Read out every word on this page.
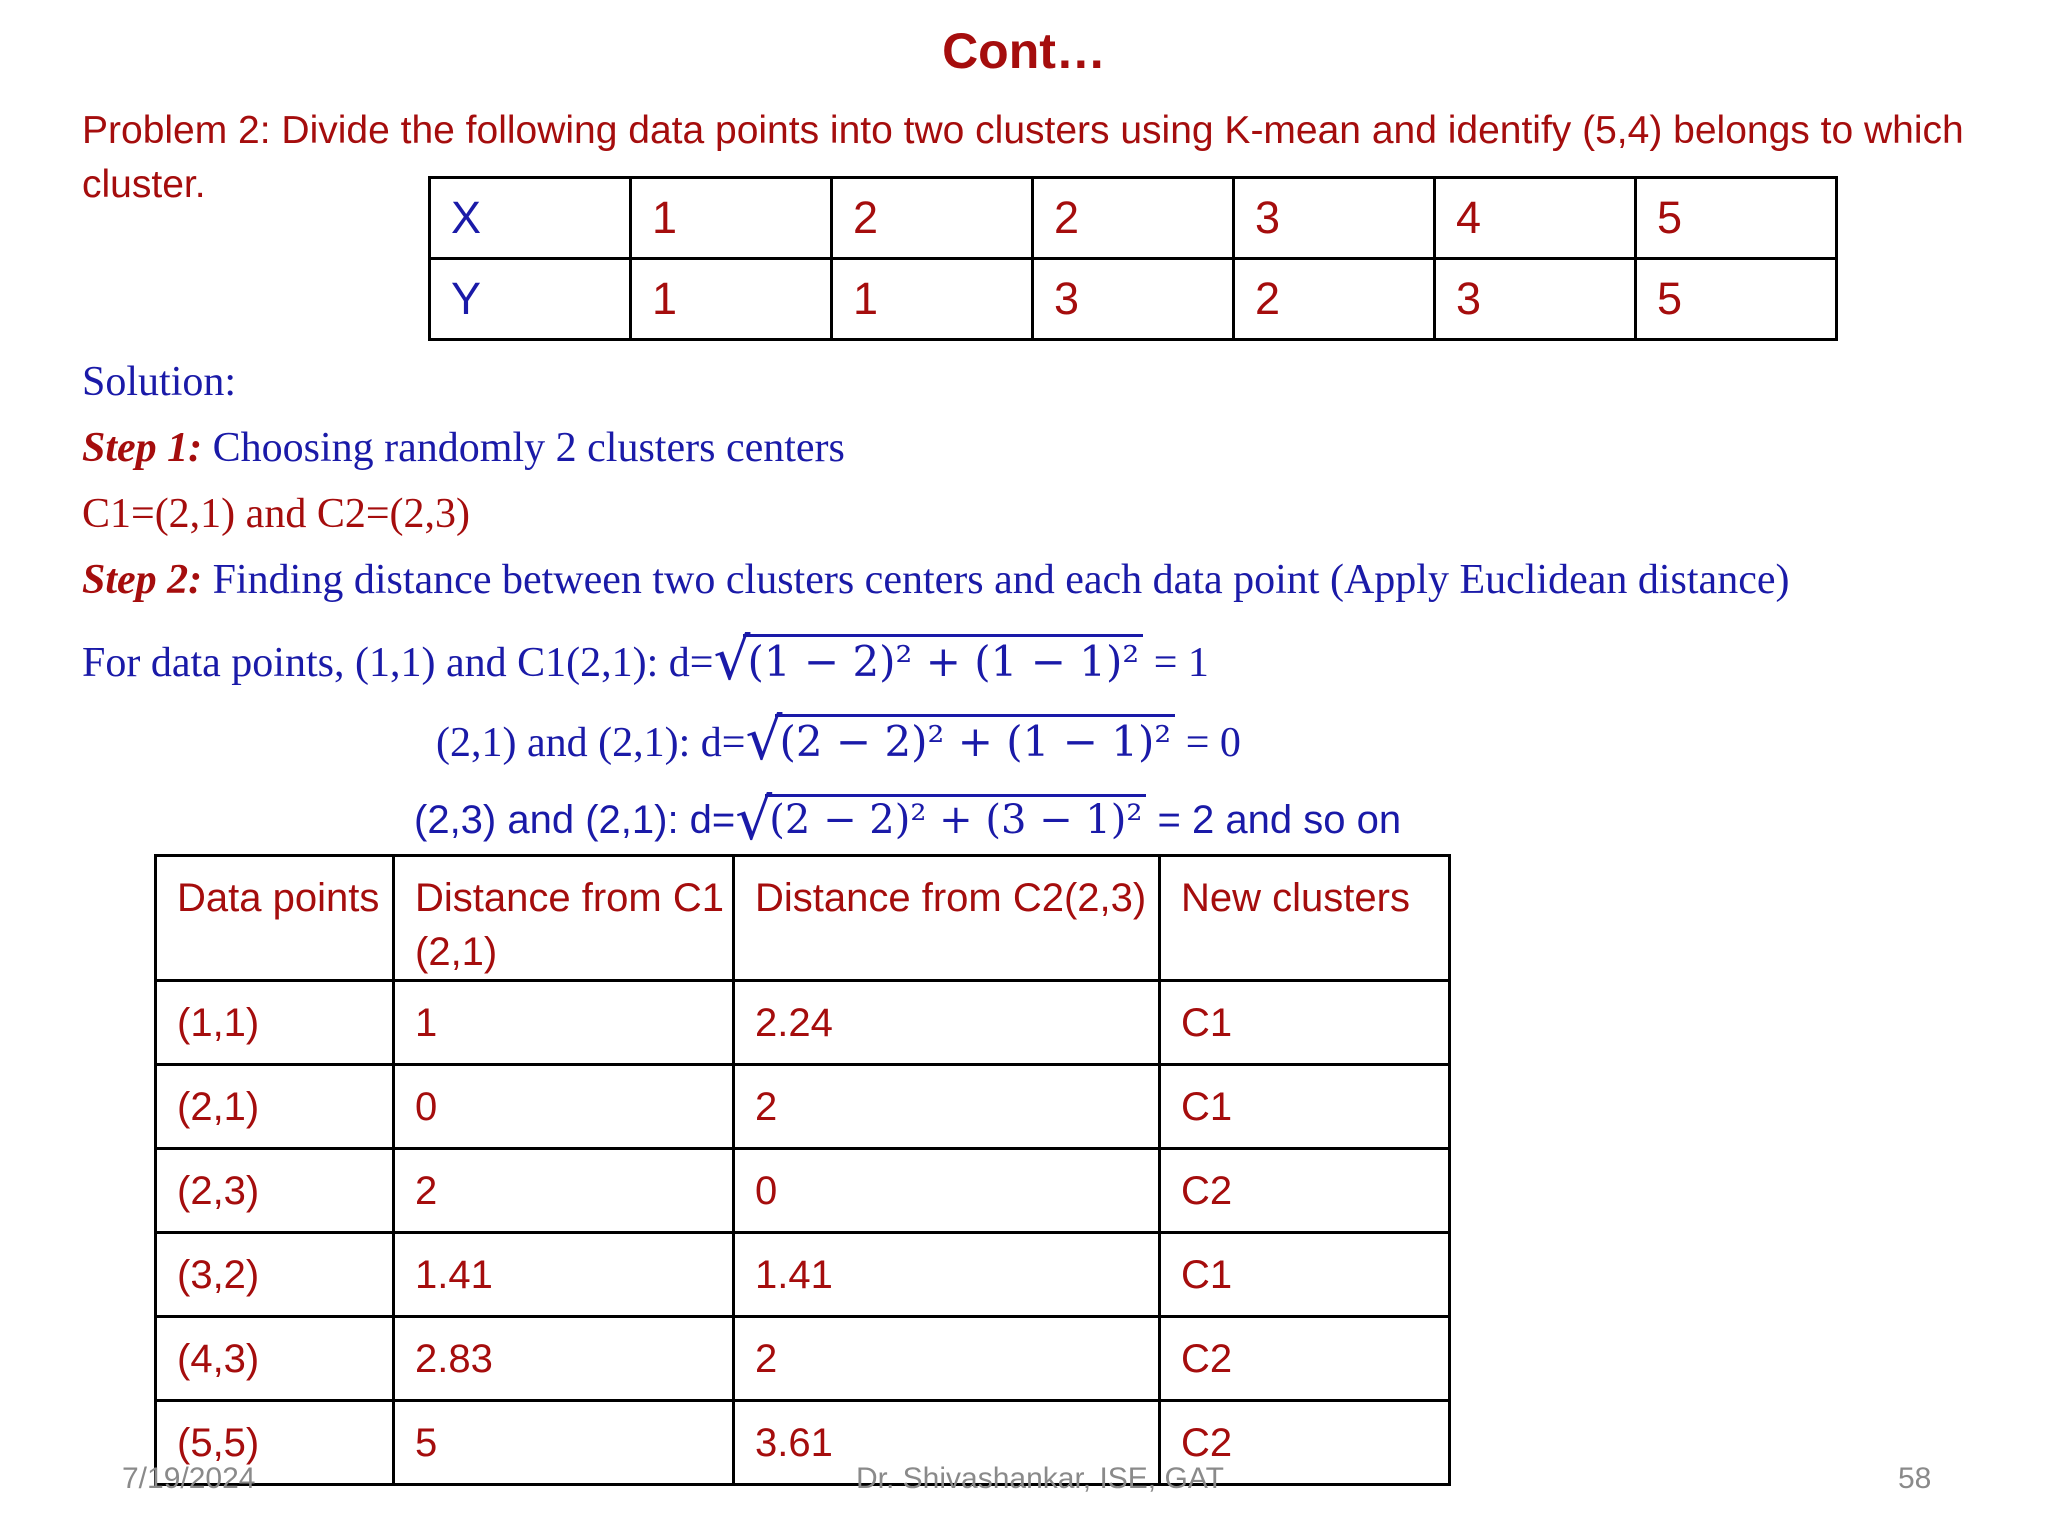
Cont…
Problem 2: Divide the following data points into two clusters using K-mean and identify (5,4) belongs to which cluster.
X	1	2	2	3	4	5
Y	1	1	3	2	3	5
Solution:
Step 1: Choosing randomly 2 clusters centers
C1=(2,1) and C2=(2,3)
Step 2: Finding distance between two clusters centers and each data point (Apply Euclidean distance)
For data points, (1,1) and C1(2,1): d= √
(1 − 2)² + (1 − 1)² = 1
(2,1) and (2,1): d= √
(2 − 2)² + (1 − 1)² = 0
(2,3) and (2,1): d= √
(2 − 2)² + (3 − 1)² = 2 and so on
Data points	Distance from C1 (2,1)	Distance from C2(2,3)	New clusters
(1,1)	1	2.24	C1
(2,1)	0	2	C1
(2,3)	2	0	C2
(3,2)	1.41	1.41	C1
(4,3)	2.83	2	C2
(5,5)	5	3.61	C2
7/19/2024	Dr. Shivashankar, ISE, GAT	58
